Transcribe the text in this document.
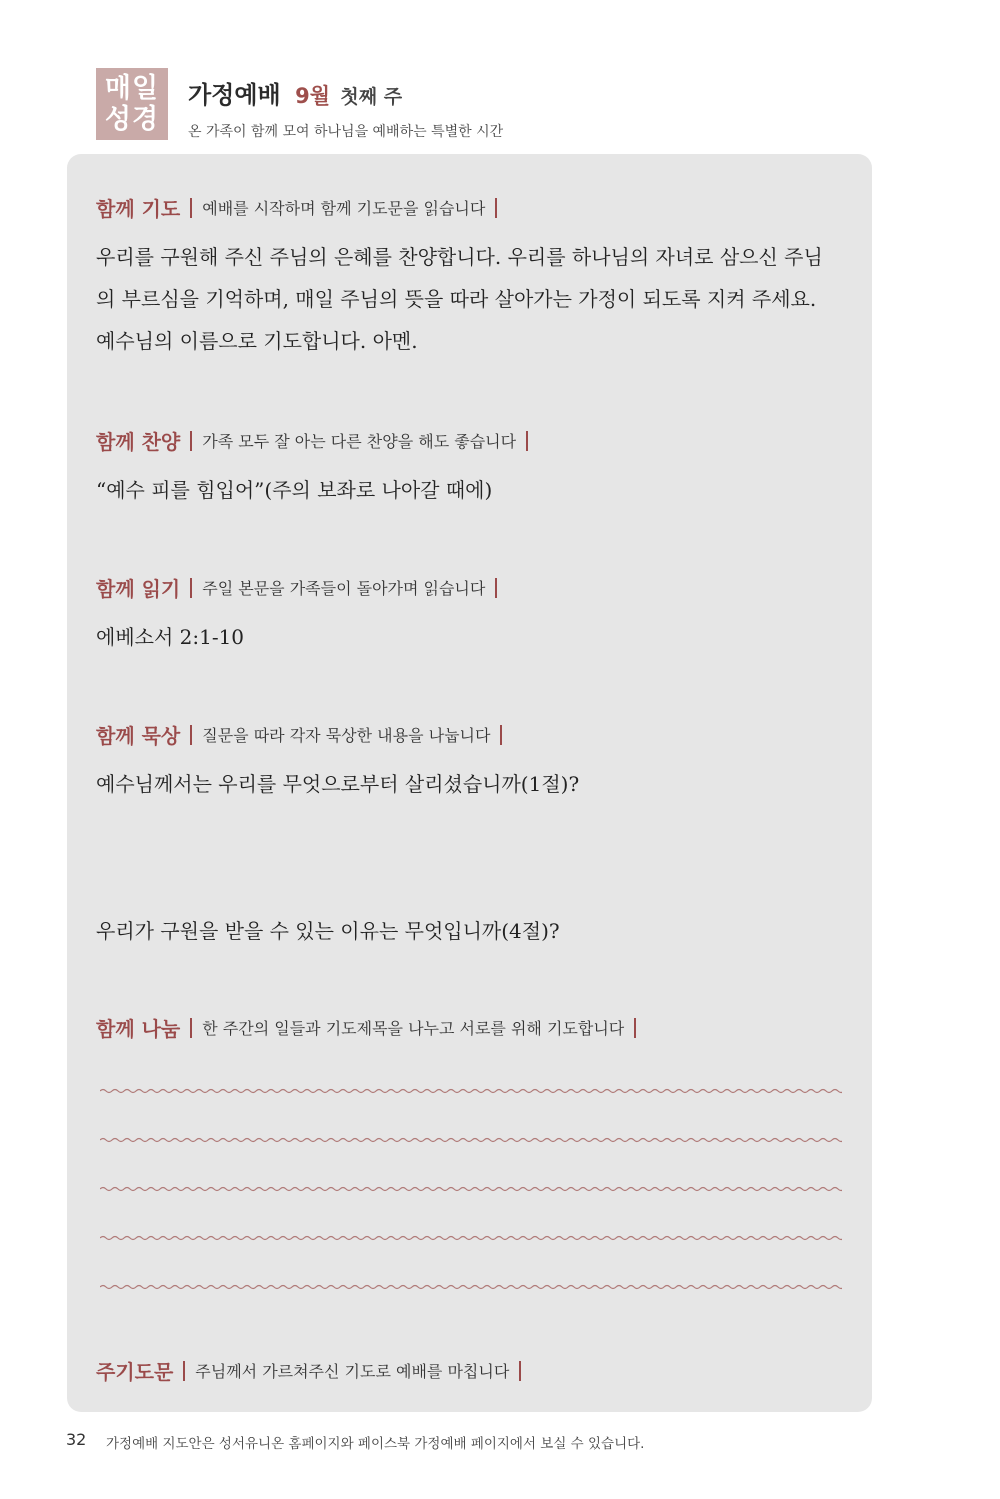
매일
성경
가정예배 9월 첫째 주
온 가족이 함께 모여 하나님을 예배하는 특별한 시간
함께 기도 예배를 시작하며 함께 기도문을 읽습니다
우리를 구원해 주신 주님의 은혜를 찬양합니다. 우리를 하나님의 자녀로 삼으신 주님
의 부르심을 기억하며, 매일 주님의 뜻을 따라 살아가는 가정이 되도록 지켜 주세요.
예수님의 이름으로 기도합니다. 아멘.
함께 찬양 가족 모두 잘 아는 다른 찬양을 해도 좋습니다
“예수 피를 힘입어”(주의 보좌로 나아갈 때에)
함께 읽기 주일 본문을 가족들이 돌아가며 읽습니다
에베소서 2:1-10
함께 묵상 질문을 따라 각자 묵상한 내용을 나눕니다
예수님께서는 우리를 무엇으로부터 살리셨습니까(1절)?
우리가 구원을 받을 수 있는 이유는 무엇입니까(4절)?
함께 나눔 한 주간의 일들과 기도제목을 나누고 서로를 위해 기도합니다
주기도문 주님께서 가르쳐주신 기도로 예배를 마칩니다
32 가정예배 지도안은 성서유니온 홈페이지와 페이스북 가정예배 페이지에서 보실 수 있습니다.
